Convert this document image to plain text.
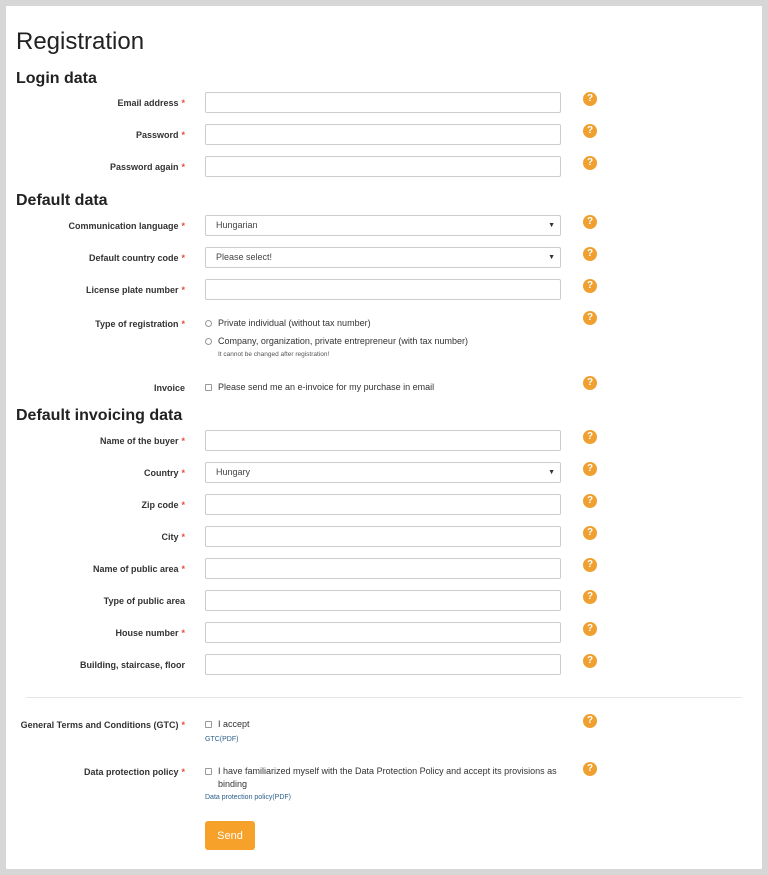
Registration
Login data
Email address *	?
Password *	?
Password again *	?
Default data
Communication language *	Hungarian	▼	?
Default country code *	Please select!	▼	?
License plate number *	?
Type of registration *	Private individual (without tax number)
Company, organization, private entrepreneur (with tax number)
It cannot be changed after registration!
?
Invoice	Please send me an e-invoice for my purchase in email	?
Default invoicing data
Name of the buyer *	?
Country *	Hungary	▼	?
Zip code *	?
City *	?
Name of public area *	?
Type of public area	?
House number *	?
Building, staircase, floor	?
General Terms and Conditions (GTC) *	I accept
GTC(PDF)
?
Data protection policy *	I have familiarized myself with the Data Protection Policy and accept its provisions as
binding
Data protection policy(PDF)
?
Send
